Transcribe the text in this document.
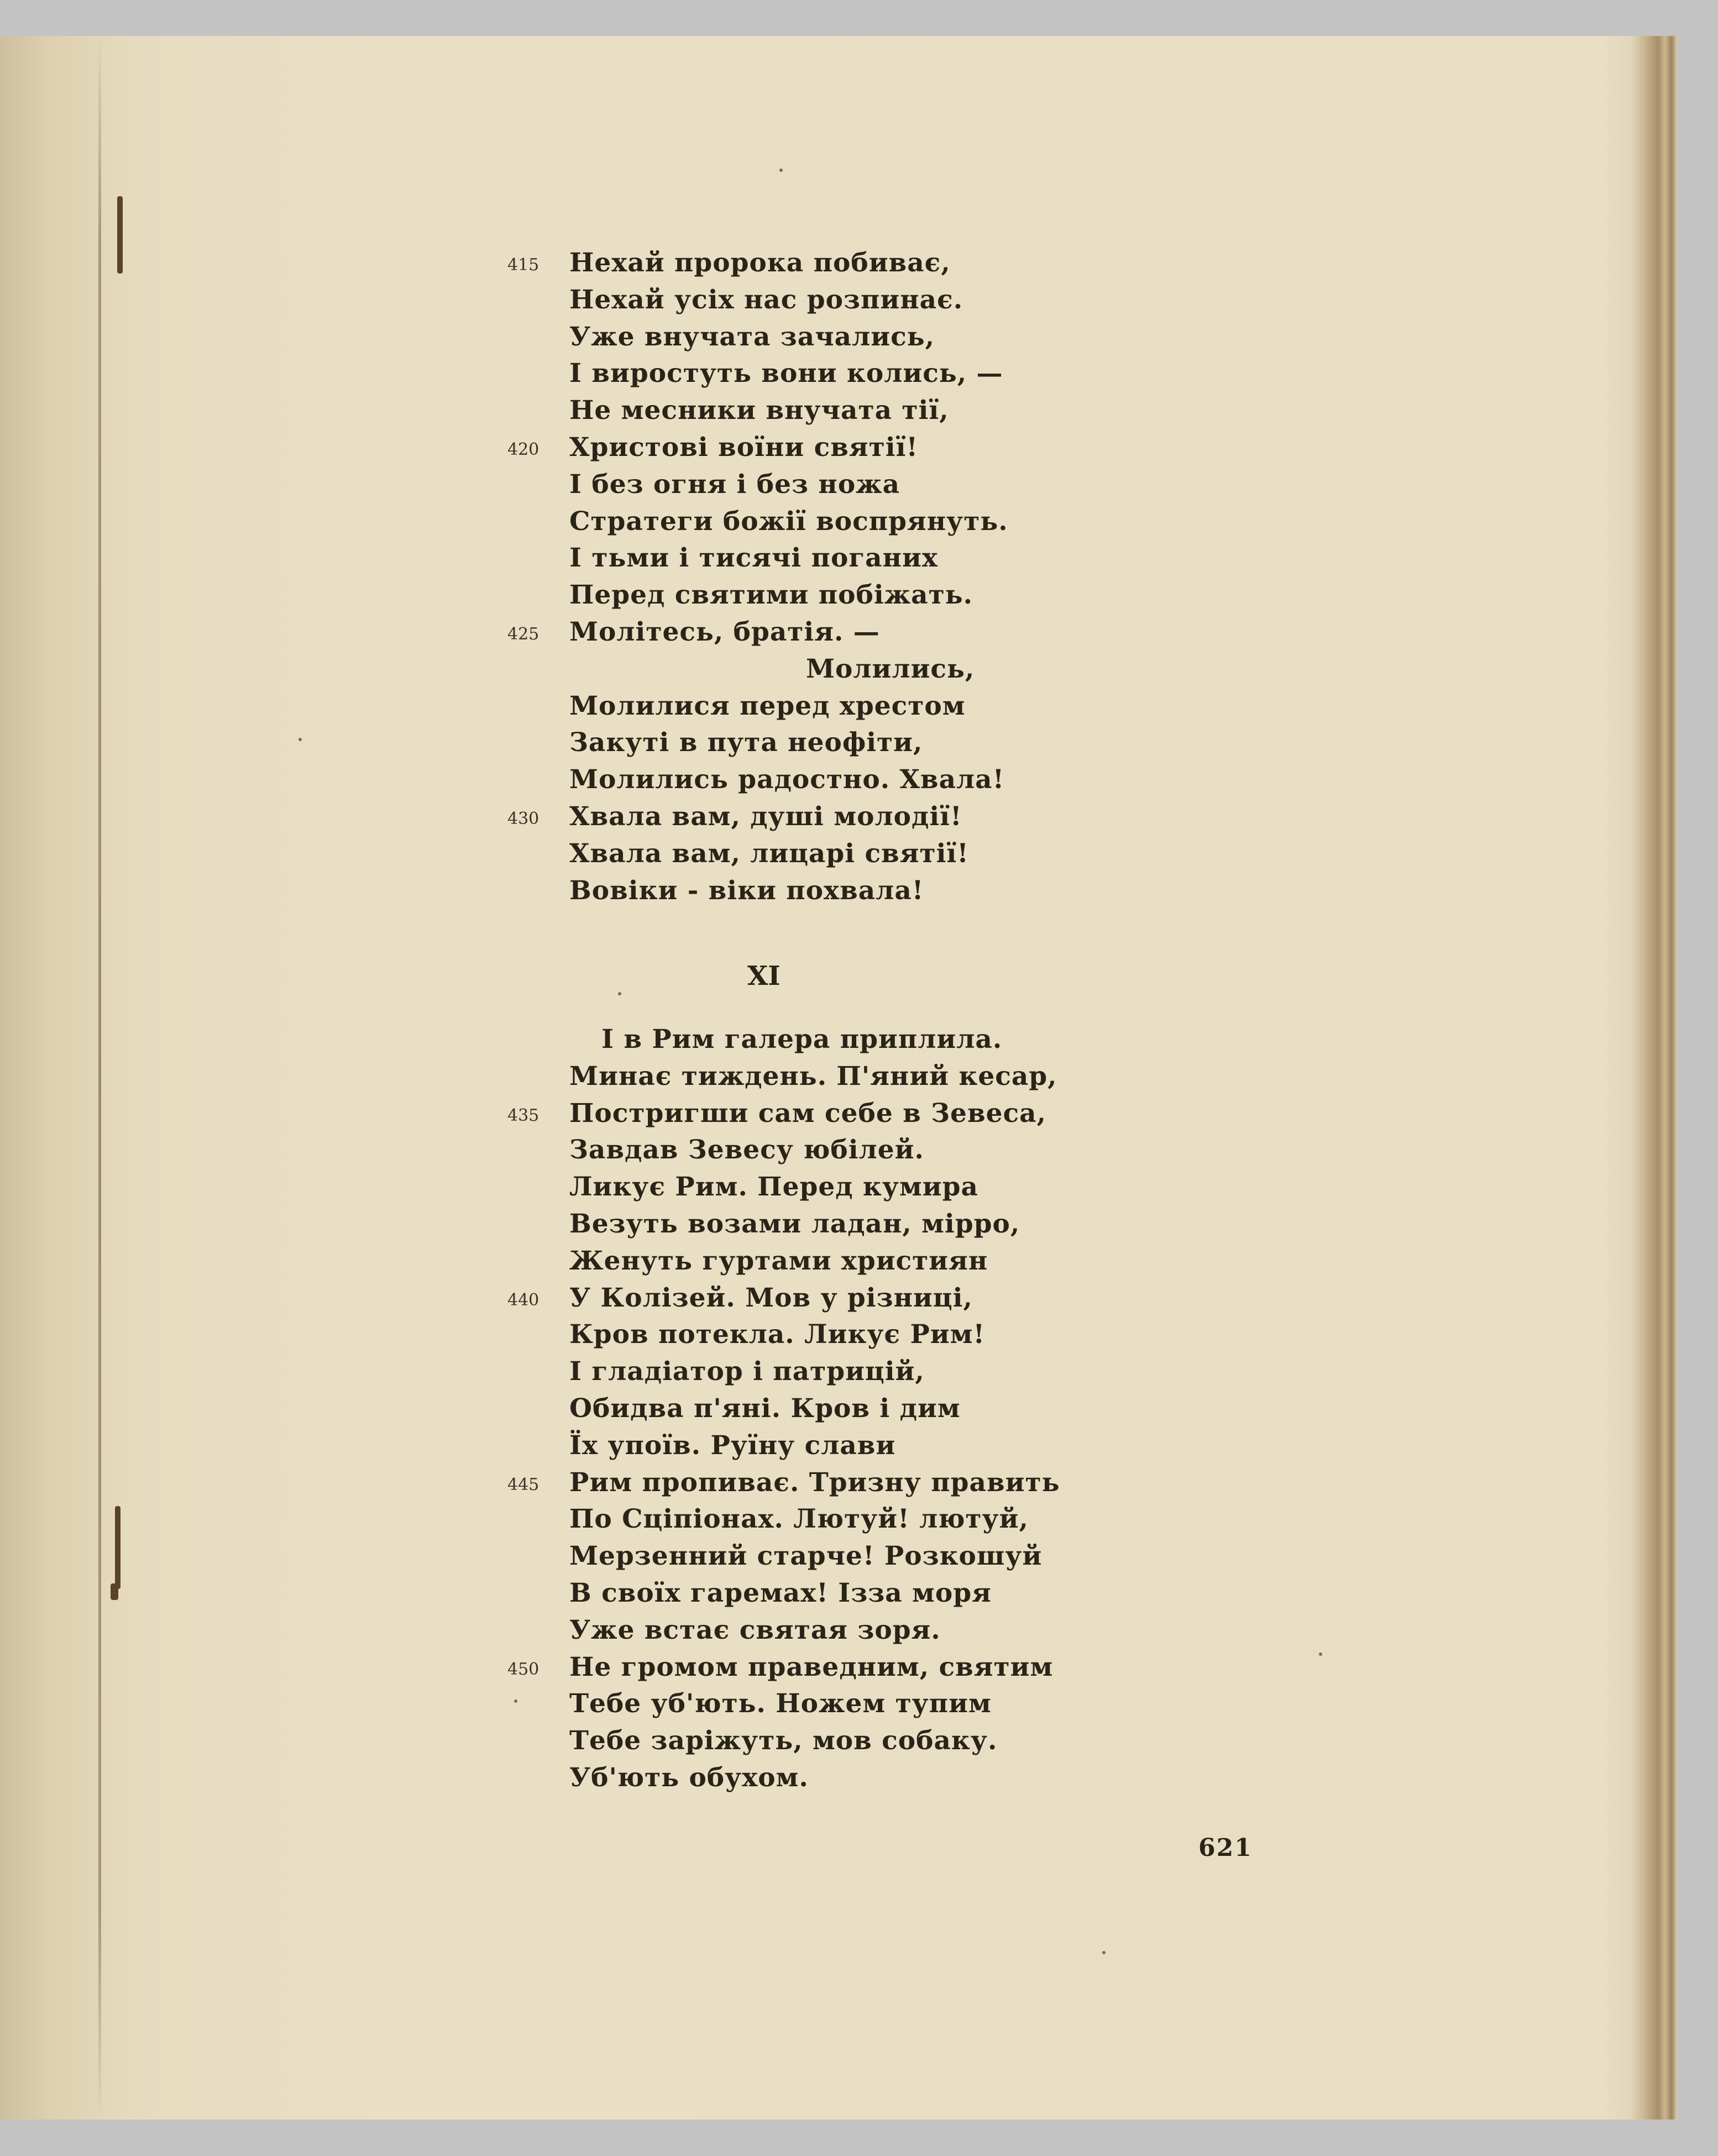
Нехай пророка побиває,
415
Нехай усіх нас розпинає.
Уже внучата зачались,
І виростуть вони колись, —
Не месники внучата тії,
Христові воїни святії!
420
І без огня і без ножа
Стратеги божії воспрянуть.
І тьми і тисячі поганих
Перед святими побіжать.
Молітесь, братія. —
425
Молились,
Молилися перед хрестом
Закуті в пута неофіти,
Молились радостно. Хвала!
Хвала вам, душі молодії!
430
Хвала вам, лицарі святії!
Вовіки - віки похвала!
XI
І в Рим галера приплила.
Минає тиждень. П'яний кесар,
Постригши сам себе в Зевеса,
435
Завдав Зевесу юбілей.
Ликує Рим. Перед кумира
Везуть возами ладан, мірро,
Женуть гуртами християн
У Колізей. Мов у різниці,
440
Кров потекла. Ликує Рим!
І гладіатор і патрицій,
Обидва п'яні. Кров і дим
Їх упоїв. Руїну слави
Рим пропиває. Тризну править
445
По Сціпіонах. Лютуй! лютуй,
Мерзенний старче! Розкошуй
В своїх гаремах! Ізза моря
Уже встає святая зоря.
Не громом праведним, святим
450
Тебе уб'ють. Ножем тупим
Тебе заріжуть, мов собаку.
Уб'ють обухом.
621
